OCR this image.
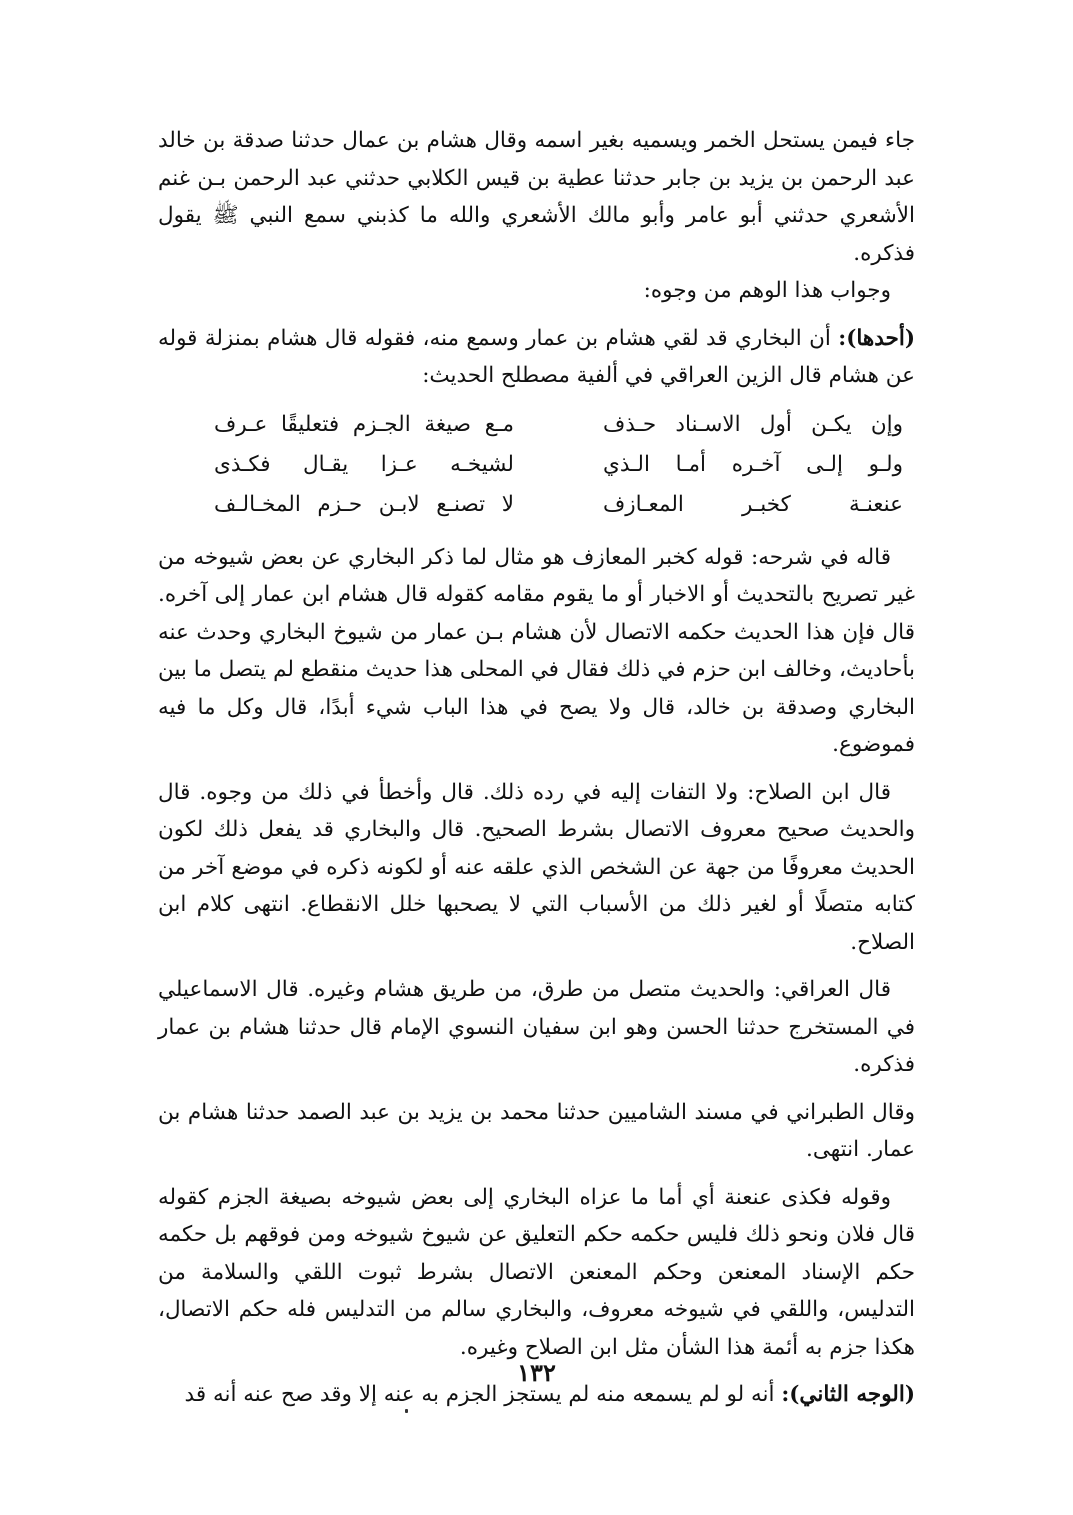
جاء فيمن يستحل الخمر ويسميه بغير اسمه وقال هشام بن عمال حدثنا صدقة بن خالد عبد الرحمن بن يزيد بن جابر حدثنا عطية بن قيس الكلابي حدثني عبد الرحمن بـن غنم الأشعري حدثني أبو عامر وأبو مالك الأشعري والله ما كذبني سمع النبي ﷺ يقول فذكره.

وجواب هذا الوهم من وجوه:

(أحدها): أن البخاري قد لقي هشام بن عمار وسمع منه، فقوله قال هشام بمنزلة قوله عن هشام قال الزين العراقي في ألفية مصطلح الحديث:

وإن يكـن أول الاسـناد حـذف
مـع صيغة الجـزم فتعليقًا عـرف
ولـو إلـى آخـره أمـا الـذي
لشيخـه عـزا يقـال فكـذى
عنعنـة كخبـر المعـازف
لا تصنـع لابـن حـزم المخـالـف

قاله في شرحه: قوله كخبر المعازف هو مثال لما ذكر البخاري عن بعض شيوخه من غير تصريح بالتحديث أو الاخبار أو ما يقوم مقامه كقوله قال هشام ابن عمار إلى آخره. قال فإن هذا الحديث حكمه الاتصال لأن هشام بـن عمار من شيوخ البخاري وحدث عنه بأحاديث، وخالف ابن حزم في ذلك فقال في المحلى هذا حديث منقطع لم يتصل ما بين البخاري وصدقة بن خالد، قال ولا يصح في هذا الباب شيء أبدًا، قال وكل ما فيه فموضوع.

قال ابن الصلاح: ولا التفات إليه في رده ذلك. قال وأخطأ في ذلك من وجوه. قال والحديث صحيح معروف الاتصال بشرط الصحيح. قال والبخاري قد يفعل ذلك لكون الحديث معروفًا من جهة عن الشخص الذي علقه عنه أو لكونه ذكره في موضع آخر من كتابه متصلًا أو لغير ذلك من الأسباب التي لا يصحبها خلل الانقطاع. انتهى كلام ابن الصلاح.

قال العراقي: والحديث متصل من طرق، من طريق هشام وغيره. قال الاسماعيلي في المستخرج حدثنا الحسن وهو ابن سفيان النسوي الإمام قال حدثنا هشام بن عمار فذكره.

وقال الطبراني في مسند الشاميين حدثنا محمد بن يزيد بن عبد الصمد حدثنا هشام بن عمار. انتهى.

وقوله فكذى عنعنة أي أما ما عزاه البخاري إلى بعض شيوخه بصيغة الجزم كقوله قال فلان ونحو ذلك فليس حكمه حكم التعليق عن شيوخ شيوخه ومن فوقهم بل حكمه حكم الإسناد المعنعن وحكم المعنعن الاتصال بشرط ثبوت اللقي والسلامة من التدليس، واللقي في شيوخه معروف، والبخاري سالم من التدليس فله حكم الاتصال، هكذا جزم به أئمة هذا الشأن مثل ابن الصلاح وغيره.

(الوجه الثاني): أنه لو لم يسمعه منه لم يستجز الجزم به عنه إلا وقد صح عنه أنه قد

١٣٢
